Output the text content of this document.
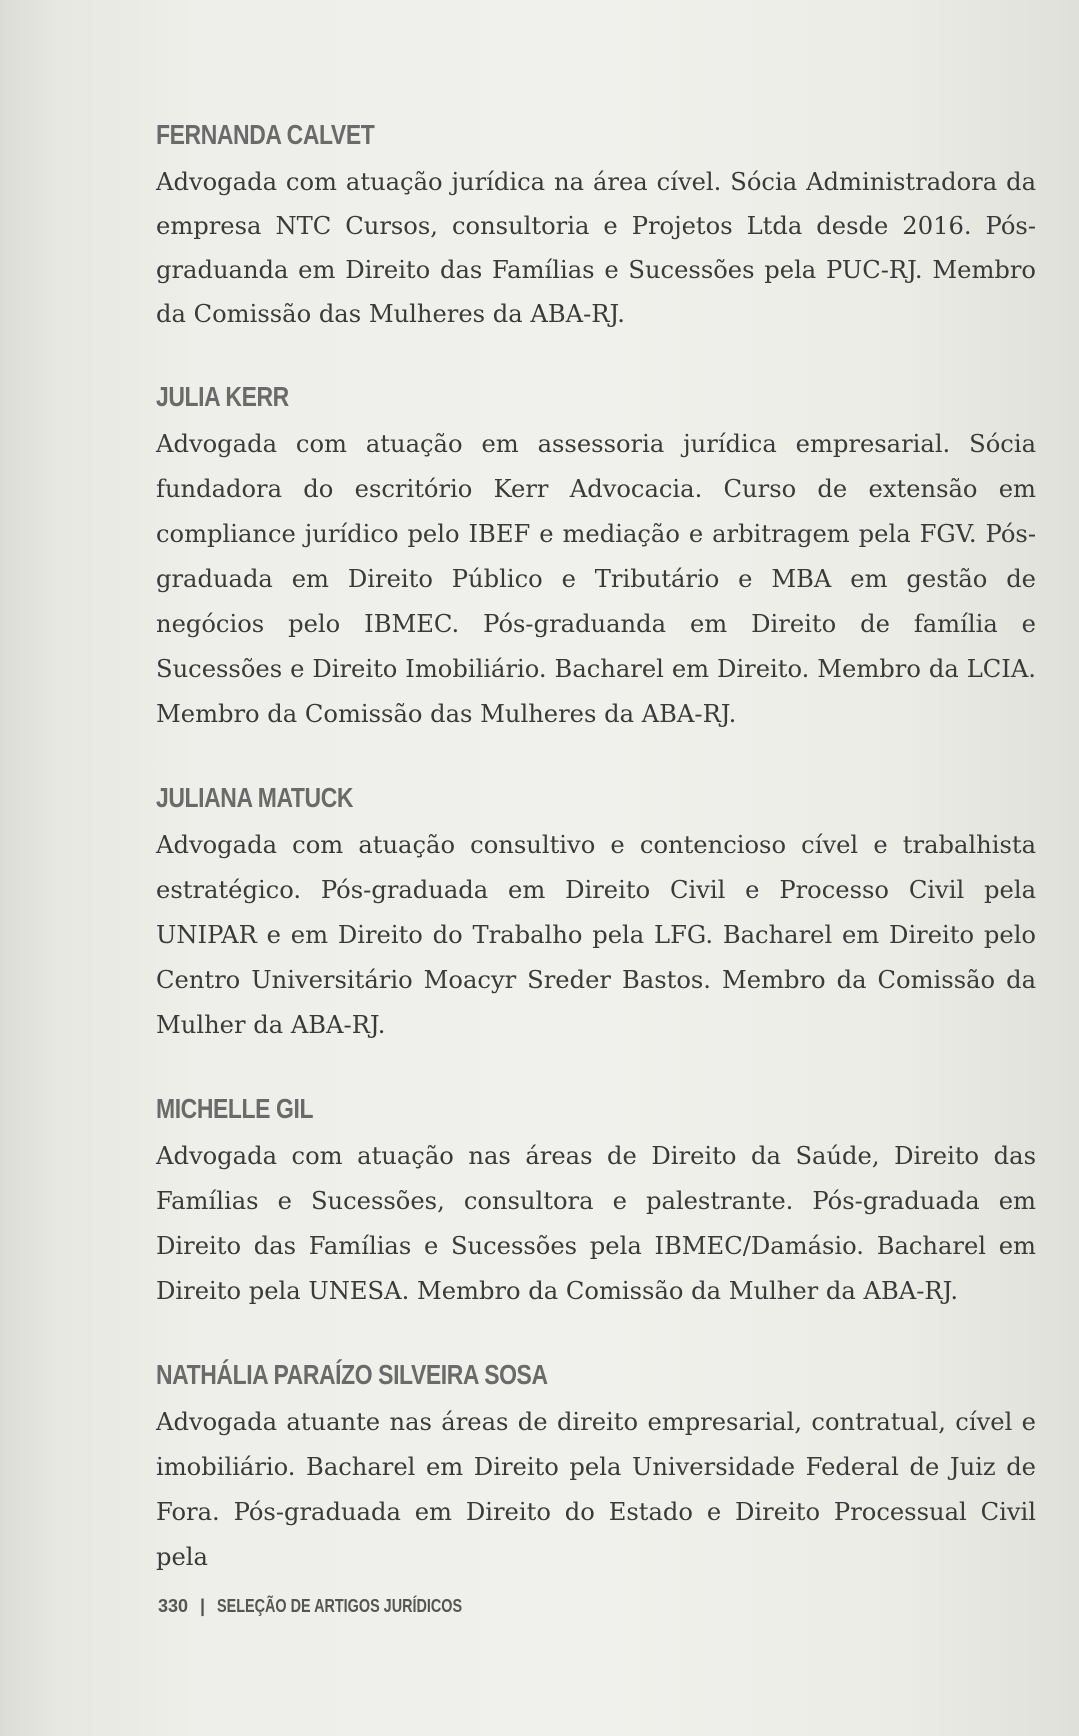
FERNANDA CALVET

Advogada com atuação jurídica na área cível. Sócia Administradora da empresa NTC Cursos, consultoria e Projetos Ltda desde 2016. Pós-graduanda em Direito das Famílias e Sucessões pela PUC-RJ. Membro da Comissão das Mulheres da ABA-RJ.

JULIA KERR

Advogada com atuação em assessoria jurídica empresarial. Sócia fundadora do escritório Kerr Advocacia. Curso de extensão em compliance jurídico pelo IBEF e mediação e arbitragem pela FGV. Pós-graduada em Direito Público e Tributário e MBA em gestão de negócios pelo IBMEC. Pós-graduanda em Direito de família e Sucessões e Direito Imobiliário. Bacharel em Direito. Membro da LCIA. Membro da Comissão das Mulheres da ABA-RJ.

JULIANA MATUCK

Advogada com atuação consultivo e contencioso cível e trabalhista estratégico. Pós-graduada em Direito Civil e Processo Civil pela UNIPAR e em Direito do Trabalho pela LFG. Bacharel em Direito pelo Centro Universitário Moacyr Sreder Bastos. Membro da Comissão da Mulher da ABA-RJ.

MICHELLE GIL

Advogada com atuação nas áreas de Direito da Saúde, Direito das Famílias e Sucessões, consultora e palestrante. Pós-graduada em Direito das Famílias e Sucessões pela IBMEC/Damásio. Bacharel em Direito pela UNESA. Membro da Comissão da Mulher da ABA-RJ.

NATHÁLIA PARAÍZO SILVEIRA SOSA

Advogada atuante nas áreas de direito empresarial, contratual, cível e imobiliário. Bacharel em Direito pela Universidade Federal de Juiz de Fora. Pós-graduada em Direito do Estado e Direito Processual Civil pela

330 | SELEÇÃO DE ARTIGOS JURÍDICOS
